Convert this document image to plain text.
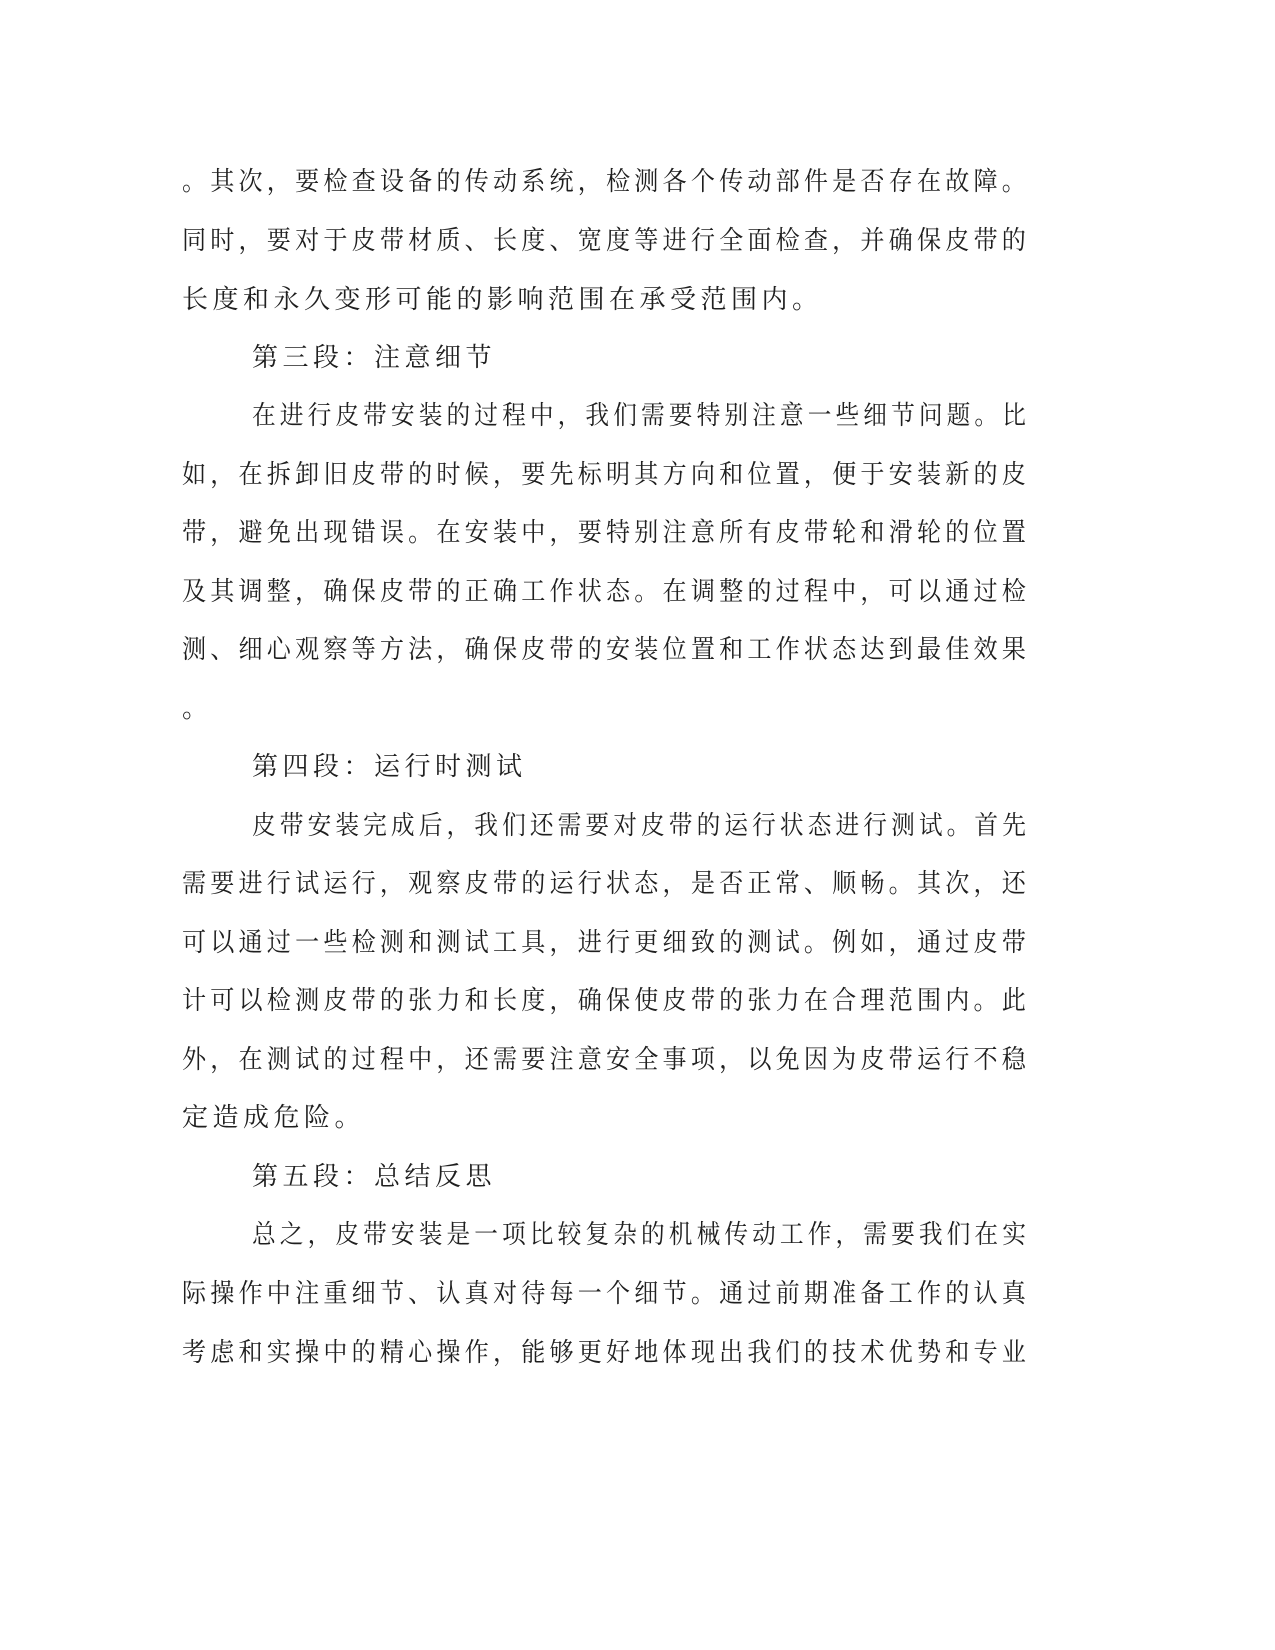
。其次，要检查设备的传动系统，检测各个传动部件是否存在故障。
同时，要对于皮带材质、长度、宽度等进行全面检查，并确保皮带的
长度和永久变形可能的影响范围在承受范围内。
第三段：注意细节
在进行皮带安装的过程中，我们需要特别注意一些细节问题。比
如，在拆卸旧皮带的时候，要先标明其方向和位置，便于安装新的皮
带，避免出现错误。在安装中，要特别注意所有皮带轮和滑轮的位置
及其调整，确保皮带的正确工作状态。在调整的过程中，可以通过检
测、细心观察等方法，确保皮带的安装位置和工作状态达到最佳效果
。
第四段：运行时测试
皮带安装完成后，我们还需要对皮带的运行状态进行测试。首先
需要进行试运行，观察皮带的运行状态，是否正常、顺畅。其次，还
可以通过一些检测和测试工具，进行更细致的测试。例如，通过皮带
计可以检测皮带的张力和长度，确保使皮带的张力在合理范围内。此
外，在测试的过程中，还需要注意安全事项，以免因为皮带运行不稳
定造成危险。
第五段：总结反思
总之，皮带安装是一项比较复杂的机械传动工作，需要我们在实
际操作中注重细节、认真对待每一个细节。通过前期准备工作的认真
考虑和实操中的精心操作，能够更好地体现出我们的技术优势和专业
